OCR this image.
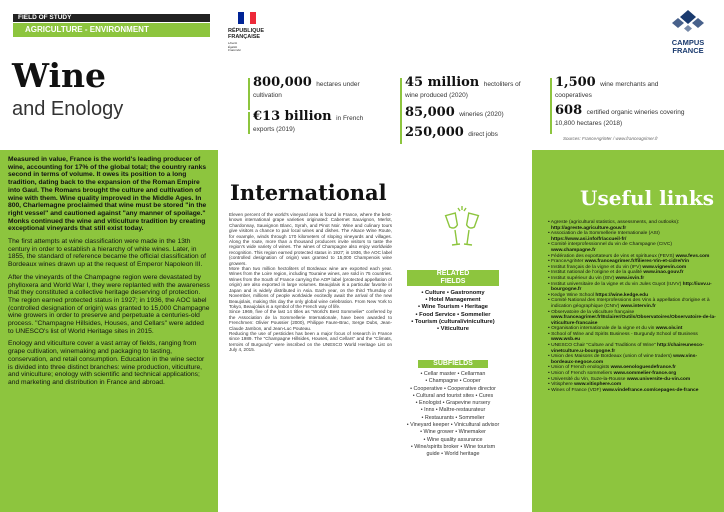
FIELD OF STUDY
AGRICULTURE - ENVIRONMENT
Wine
and Enology
RÉPUBLIQUE
FRANÇAISE
Liberté
Égalité
Fraternité
CAMPUS
FRANCE
800,000 hectares under cultivation
€13 billion in French exports (2019)
45 million hectoliters of wine produced (2020)
85,000 wineries (2020)
250,000 direct jobs
1,500 wine merchants and cooperatives
608 certified organic wineries covering 10,800 hectares (2018)
Sources: FranceAgriMer / www.franceagrimer.fr

Measured in value, France is the world's leading producer of wine, accounting for 17% of the global total; the country ranks second in terms of volume. It owes its position to a long tradition, dating back to the expansion of the Roman Empire into Gaul. The Romans brought the culture and cultivation of wine with them. Wine quality improved in the Middle Ages. In 800, Charlemagne proclaimed that wine must be stored "in the right vessel" and cautioned against "any manner of spoilage." Monks continued the wine and viticulture tradition by creating exceptional vineyards that still exist today.

The first attempts at wine classification were made in the 13th century in order to establish a hierarchy of white wines. Later, in 1855, the standard of reference became the official classification of Bordeaux wines drawn up at the request of Emperor Napoleon III.

After the vineyards of the Champagne region were devastated by phylloxera and World War I, they were replanted with the awareness that they constituted a collective heritage deserving of protection. The region earned protected status in 1927; in 1936, the AOC label (controlled designation of origin) was granted to 15,000 Champagne wine growers in order to preserve and perpetuate a centuries-old process. "Champagne Hillsides, Houses, and Cellars" were added to UNESCO's list of World Heritage sites in 2015.

Enology and viticulture cover a vast array of fields, ranging from grape cultivation, winemaking and packaging to tasting, conservation, and retail consumption. Education in the wine sector is divided into three distinct branches: wine production, viticulture, and viniculture; enology with scientific and technical applications; and marketing and distribution in France and abroad.

International

Eleven percent of the world's vineyard area is found in France, where the best-known international grape varieties originated: Cabernet Sauvignon, Merlot, Chardonnay, Sauvignon Blanc, Syrah, and Pinot Noir. Wine and culinary tours give visitors a chance to pair local wines and dishes. The Alsace Wine Route, for example, winds through 170 kilometers of sloping vineyards and villages. Along the route, more than a thousand producers invite visitors to taste the region's wide variety of wines. The wines of Champagne also enjoy worldwide recognition. This region earned protected status in 1927; in 1936, the AOC label (controlled designation of origin) was granted to 15,000 Champenois wine growers.

More than two million hectoliters of Bordeaux wine are exported each year. Wines from the Loire region, including Touraine wines, are sold in 75 countries. Wines from the South of France carrying the AOP label (protected appellation of origin) are also exported in large volumes. Beaujolais is a particular favorite in Japan and is widely distributed in Asia. Each year, on the third Thursday of November, millions of people worldwide excitedly await the arrival of the new Beaujolais, making this day the only global wine celebration. From New York to Tokyo, Beaujolais is a symbol of the French way of life.

Since 1969, five of the last 14 titles as "World's Best Sommelier" conferred by the Association de la Sommellerie Internationale, have been awarded to Frenchmen: Olivier Poussier (2000), Philippe Faure-Brac, Serge Dubs, Jean-Claude Jambon, and Jean-Luc Pouteau.

Reducing the use of pesticides has been a major focus of research in France since 1989. The "Champagne Hillsides, Houses, and Cellars" and the "Climats, terroirs of Burgundy" were inscribed on the UNESCO World Heritage List on July 4, 2015.

RELATED
FIELDS
• Culture • Gastronomy
• Hotel Management
• Wine Tourism • Heritage
• Food Service • Sommelier
• Tourism (cultural/viniculture)
• Viticulture
SUBFIELDS
• Cellar master • Cellarman
• Champagne • Cooper
• Cooperative • Cooperative director
• Cultural and tourist sites • Cures
• Enologist • Grapevine nursery
• Inns • Maître-restaurateur
• Restaurants • Sommelier
• Vineyard keeper • Vinicultural advisor
• Wine grower • Winemaker
• Wine quality assurance
• Wine/spirits broker • Wine tourism
guide • World heritage
Useful links
• Agreste (agricultural statistics, assessments, and outlooks): http://agreste.agriculture.gouv.fr
• Association de la Sommellerie Internationale (ASI) https://www.asi.info/fr/accueil-fr/
• Comité interprofessionnel du vin de Champagne (CIVC) www.champagne.fr
• Fédération des exportateurs de vins et spiritueux (FEVS) www.fevs.com
• FranceAgriMer www.franceagrimer.fr/filieres-Vin-et-cidre/Vin
• Institut français de la vigne et du vin (IFV) www.vignevin.com
• Institut national de l'origine et de la qualité www.inao.gouv.fr
• Institut supérieur du vin (ISV) www.isvin.fr
• Institut universitaire de la vigne et du vin Jules Guyot (IUVV) http://iuvv.u-bourgogne.fr
• Kedge Wine School https://wine.kedge.edu
• Comité National des Interprofessions des Vins à appellation d'origine et à indication géographique (CNIV) www.intervin.fr
• Observatoire de la viticulture française www.franceagrimer.fr/Eclairer/Outils/Observatoires/Observatoire-de-la-viticulture-francaise
• Organisation internationale de la vigne et du vin www.oiv.int
• School of Wine and Spirits Business - Burgundy School of Business www.wsb.eu
• UNESCO Chair "Culture and Traditions of Wine" http://chaireunesco-vinetculture.u-bourgogne.fr
• Union des Maisons de Bordeaux (union of wine traders) www.vins-bordeaux-negoce.com
• Union of French enologists www.oenologuesdefrance.fr
• Union of French sommeliers www.sommelier-france.org
• Université du Vin, Suze-la-Rousse www.universite-du-vin.com
• Vitisphere www.vitisphere.com
• Wines of France (VDF) www.vindefrance.com/cepages-de-france
